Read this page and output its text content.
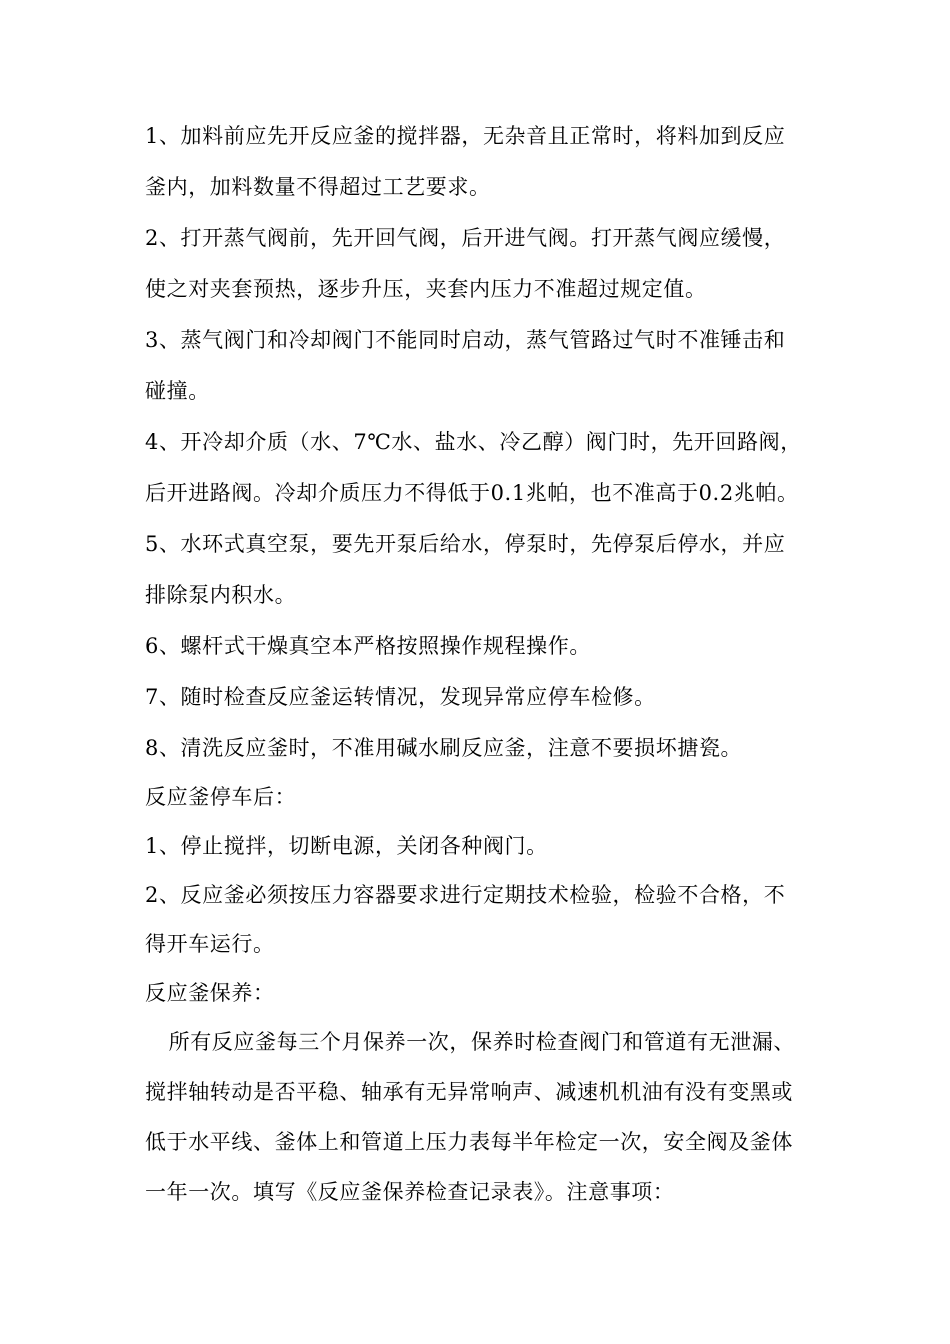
1、加料前应先开反应釜的搅拌器，无杂音且正常时，将料加到反应

釜内，加料数量不得超过工艺要求。

2、打开蒸气阀前，先开回气阀，后开进气阀。打开蒸气阀应缓慢，

使之对夹套预热，逐步升压，夹套内压力不准超过规定值。

3、蒸气阀门和冷却阀门不能同时启动，蒸气管路过气时不准锤击和

碰撞。

4、开冷却介质（水、7℃水、盐水、冷乙醇）阀门时，先开回路阀，

后开进路阀。冷却介质压力不得低于0.1兆帕，也不准高于0.2兆帕。

5、水环式真空泵，要先开泵后给水，停泵时，先停泵后停水，并应

排除泵内积水。

6、螺杆式干燥真空本严格按照操作规程操作。

7、随时检查反应釜运转情况，发现异常应停车检修。

8、清洗反应釜时，不准用碱水刷反应釜，注意不要损坏搪瓷。

反应釜停车后：

1、停止搅拌，切断电源，关闭各种阀门。

2、反应釜必须按压力容器要求进行定期技术检验，检验不合格，不

得开车运行。

反应釜保养：

　所有反应釜每三个月保养一次，保养时检查阀门和管道有无泄漏、

搅拌轴转动是否平稳、轴承有无异常响声、减速机机油有没有变黑或

低于水平线、釜体上和管道上压力表每半年检定一次，安全阀及釜体

一年一次。填写《反应釜保养检查记录表》。注意事项：
